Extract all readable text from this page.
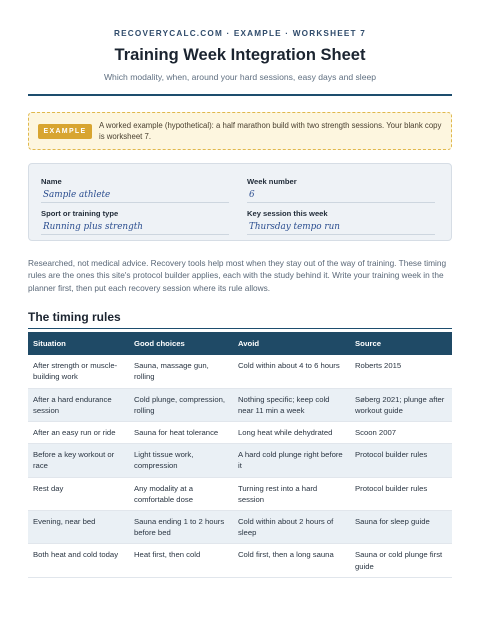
RECOVERYCALC.COM · EXAMPLE · WORKSHEET 7
Training Week Integration Sheet
Which modality, when, around your hard sessions, easy days and sleep
EXAMPLE
A worked example (hypothetical): a half marathon build with two strength sessions. Your blank copy is worksheet 7.
Name
Sample athlete
Week number
6
Sport or training type
Running plus strength
Key session this week
Thursday tempo run

Researched, not medical advice. Recovery tools help most when they stay out of the way of training. These timing rules are the ones this site's protocol builder applies, each with the study behind it. Write your training week in the planner first, then put each recovery session where its rule allows.

The timing rules
Situation	Good choices	Avoid	Source
After strength or muscle-building work	Sauna, massage gun, rolling	Cold within about 4 to 6 hours	Roberts 2015
After a hard endurance session	Cold plunge, compression, rolling	Nothing specific; keep cold near 11 min a week	Søberg 2021; plunge after workout guide
After an easy run or ride	Sauna for heat tolerance	Long heat while dehydrated	Scoon 2007
Before a key workout or race	Light tissue work, compression	A hard cold plunge right before it	Protocol builder rules
Rest day	Any modality at a comfortable dose	Turning rest into a hard session	Protocol builder rules
Evening, near bed	Sauna ending 1 to 2 hours before bed	Cold within about 2 hours of sleep	Sauna for sleep guide
Both heat and cold today	Heat first, then cold	Cold first, then a long sauna	Sauna or cold plunge first guide
